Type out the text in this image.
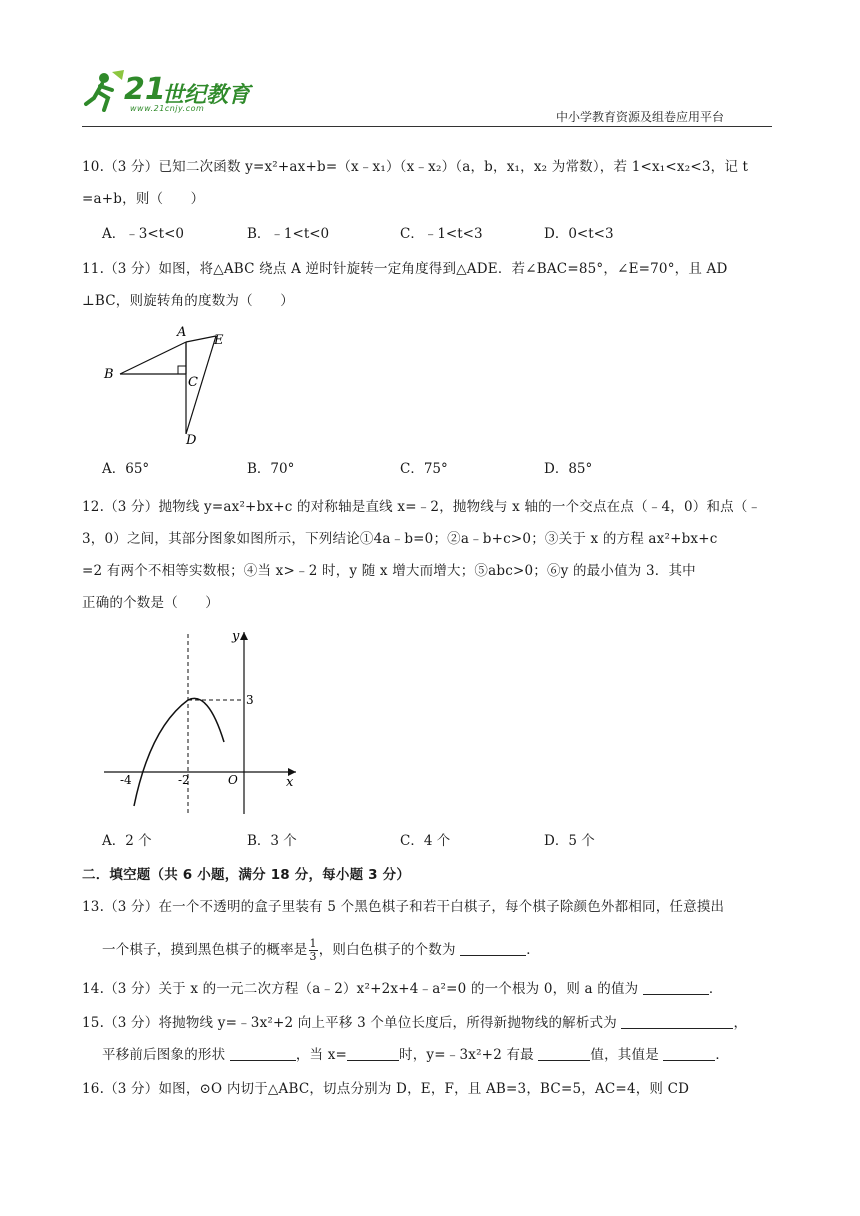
21
世纪教育
www.21cnjy.com
中小学教育资源及组卷应用平台
10.（3 分）已知二次函数 y=x²+ax+b=（x﹣x₁）（x﹣x₂）（a，b，x₁，x₂ 为常数），若 1<x₁<x₂<3，记 t
=a+b，则（　　）
A．﹣3<t<0	B．﹣1<t<0	C．﹣1<t<3	D．0<t<3
11.（3 分）如图，将△ABC 绕点 A 逆时针旋转一定角度得到△ADE．若∠BAC=85°，∠E=70°，且 AD
⊥BC，则旋转角的度数为（　　）
A
B
C
D
E
A．65°	B．70°	C．75°	D．85°
12.（3 分）抛物线 y=ax²+bx+c 的对称轴是直线 x=﹣2，抛物线与 x 轴的一个交点在点（﹣4，0）和点（﹣
3，0）之间，其部分图象如图所示，下列结论①4a﹣b=0；②a﹣b+c>0；③关于 x 的方程 ax²+bx+c
=2 有两个不相等实数根；④当 x>﹣2 时，y 随 x 增大而增大；⑤abc>0；⑥y 的最小值为 3．其中
正确的个数是（　　）
y
x
3
-4	-2	O
A．2 个	B．3 个	C．4 个	D．5 个
二．填空题（共 6 小题，满分 18 分，每小题 3 分）
13.（3 分）在一个不透明的盒子里装有 5 个黑色棋子和若干白棋子，每个棋子除颜色外都相同，任意摸出
一个棋子，摸到黑色棋子的概率是 $\frac{1}{3}$ ，则白色棋子的个数为	．
14.（3 分）关于 x 的一元二次方程（a﹣2）x²+2x+4﹣a²=0 的一个根为 0，则 a 的值为	．
15.（3 分）将抛物线 y=﹣3x²+2 向上平移 3 个单位长度后，所得新抛物线的解析式为	，
平移前后图象的形状	，当 x=	时，y=﹣3x²+2 有最	值，其值是	．
16.（3 分）如图，⊙O 内切于△ABC，切点分别为 D，E，F，且 AB=3，BC=5，AC=4，则 CD
